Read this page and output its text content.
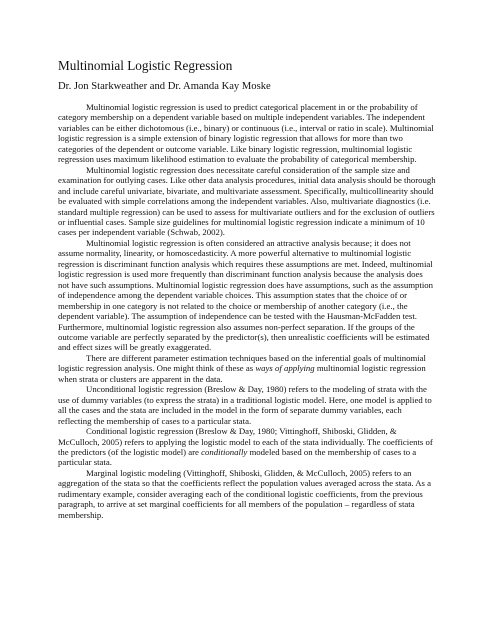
Multinomial Logistic Regression
Dr. Jon Starkweather and Dr. Amanda Kay Moske

Multinomial logistic regression is used to predict categorical placement in or the probability of category membership on a dependent variable based on multiple independent variables. The independent variables can be either dichotomous (i.e., binary) or continuous (i.e., interval or ratio in scale). Multinomial logistic regression is a simple extension of binary logistic regression that allows for more than two categories of the dependent or outcome variable. Like binary logistic regression, multinomial logistic regression uses maximum likelihood estimation to evaluate the probability of categorical membership.

Multinomial logistic regression does necessitate careful consideration of the sample size and examination for outlying cases. Like other data analysis procedures, initial data analysis should be thorough and include careful univariate, bivariate, and multivariate assessment. Specifically, multicollinearity should be evaluated with simple correlations among the independent variables. Also, multivariate diagnostics (i.e. standard multiple regression) can be used to assess for multivariate outliers and for the exclusion of outliers or influential cases. Sample size guidelines for multinomial logistic regression indicate a minimum of 10 cases per independent variable (Schwab, 2002).

Multinomial logistic regression is often considered an attractive analysis because; it does not assume normality, linearity, or homoscedasticity. A more powerful alternative to multinomial logistic regression is discriminant function analysis which requires these assumptions are met. Indeed, multinomial logistic regression is used more frequently than discriminant function analysis because the analysis does not have such assumptions. Multinomial logistic regression does have assumptions, such as the assumption of independence among the dependent variable choices. This assumption states that the choice of or membership in one category is not related to the choice or membership of another category (i.e., the dependent variable). The assumption of independence can be tested with the Hausman-McFadden test. Furthermore, multinomial logistic regression also assumes non-perfect separation. If the groups of the outcome variable are perfectly separated by the predictor(s), then unrealistic coefficients will be estimated and effect sizes will be greatly exaggerated.

There are different parameter estimation techniques based on the inferential goals of multinomial logistic regression analysis. One might think of these as ways of applying multinomial logistic regression when strata or clusters are apparent in the data.

Unconditional logistic regression (Breslow & Day, 1980) refers to the modeling of strata with the use of dummy variables (to express the strata) in a traditional logistic model. Here, one model is applied to all the cases and the stata are included in the model in the form of separate dummy variables, each reflecting the membership of cases to a particular stata.

Conditional logistic regression (Breslow & Day, 1980; Vittinghoff, Shiboski, Glidden, & McCulloch, 2005) refers to applying the logistic model to each of the stata individually. The coefficients of the predictors (of the logistic model) are conditionally modeled based on the membership of cases to a particular stata.

Marginal logistic modeling (Vittinghoff, Shiboski, Glidden, & McCulloch, 2005) refers to an aggregation of the stata so that the coefficients reflect the population values averaged across the stata. As a rudimentary example, consider averaging each of the conditional logistic coefficients, from the previous paragraph, to arrive at set marginal coefficients for all members of the population – regardless of stata membership.
